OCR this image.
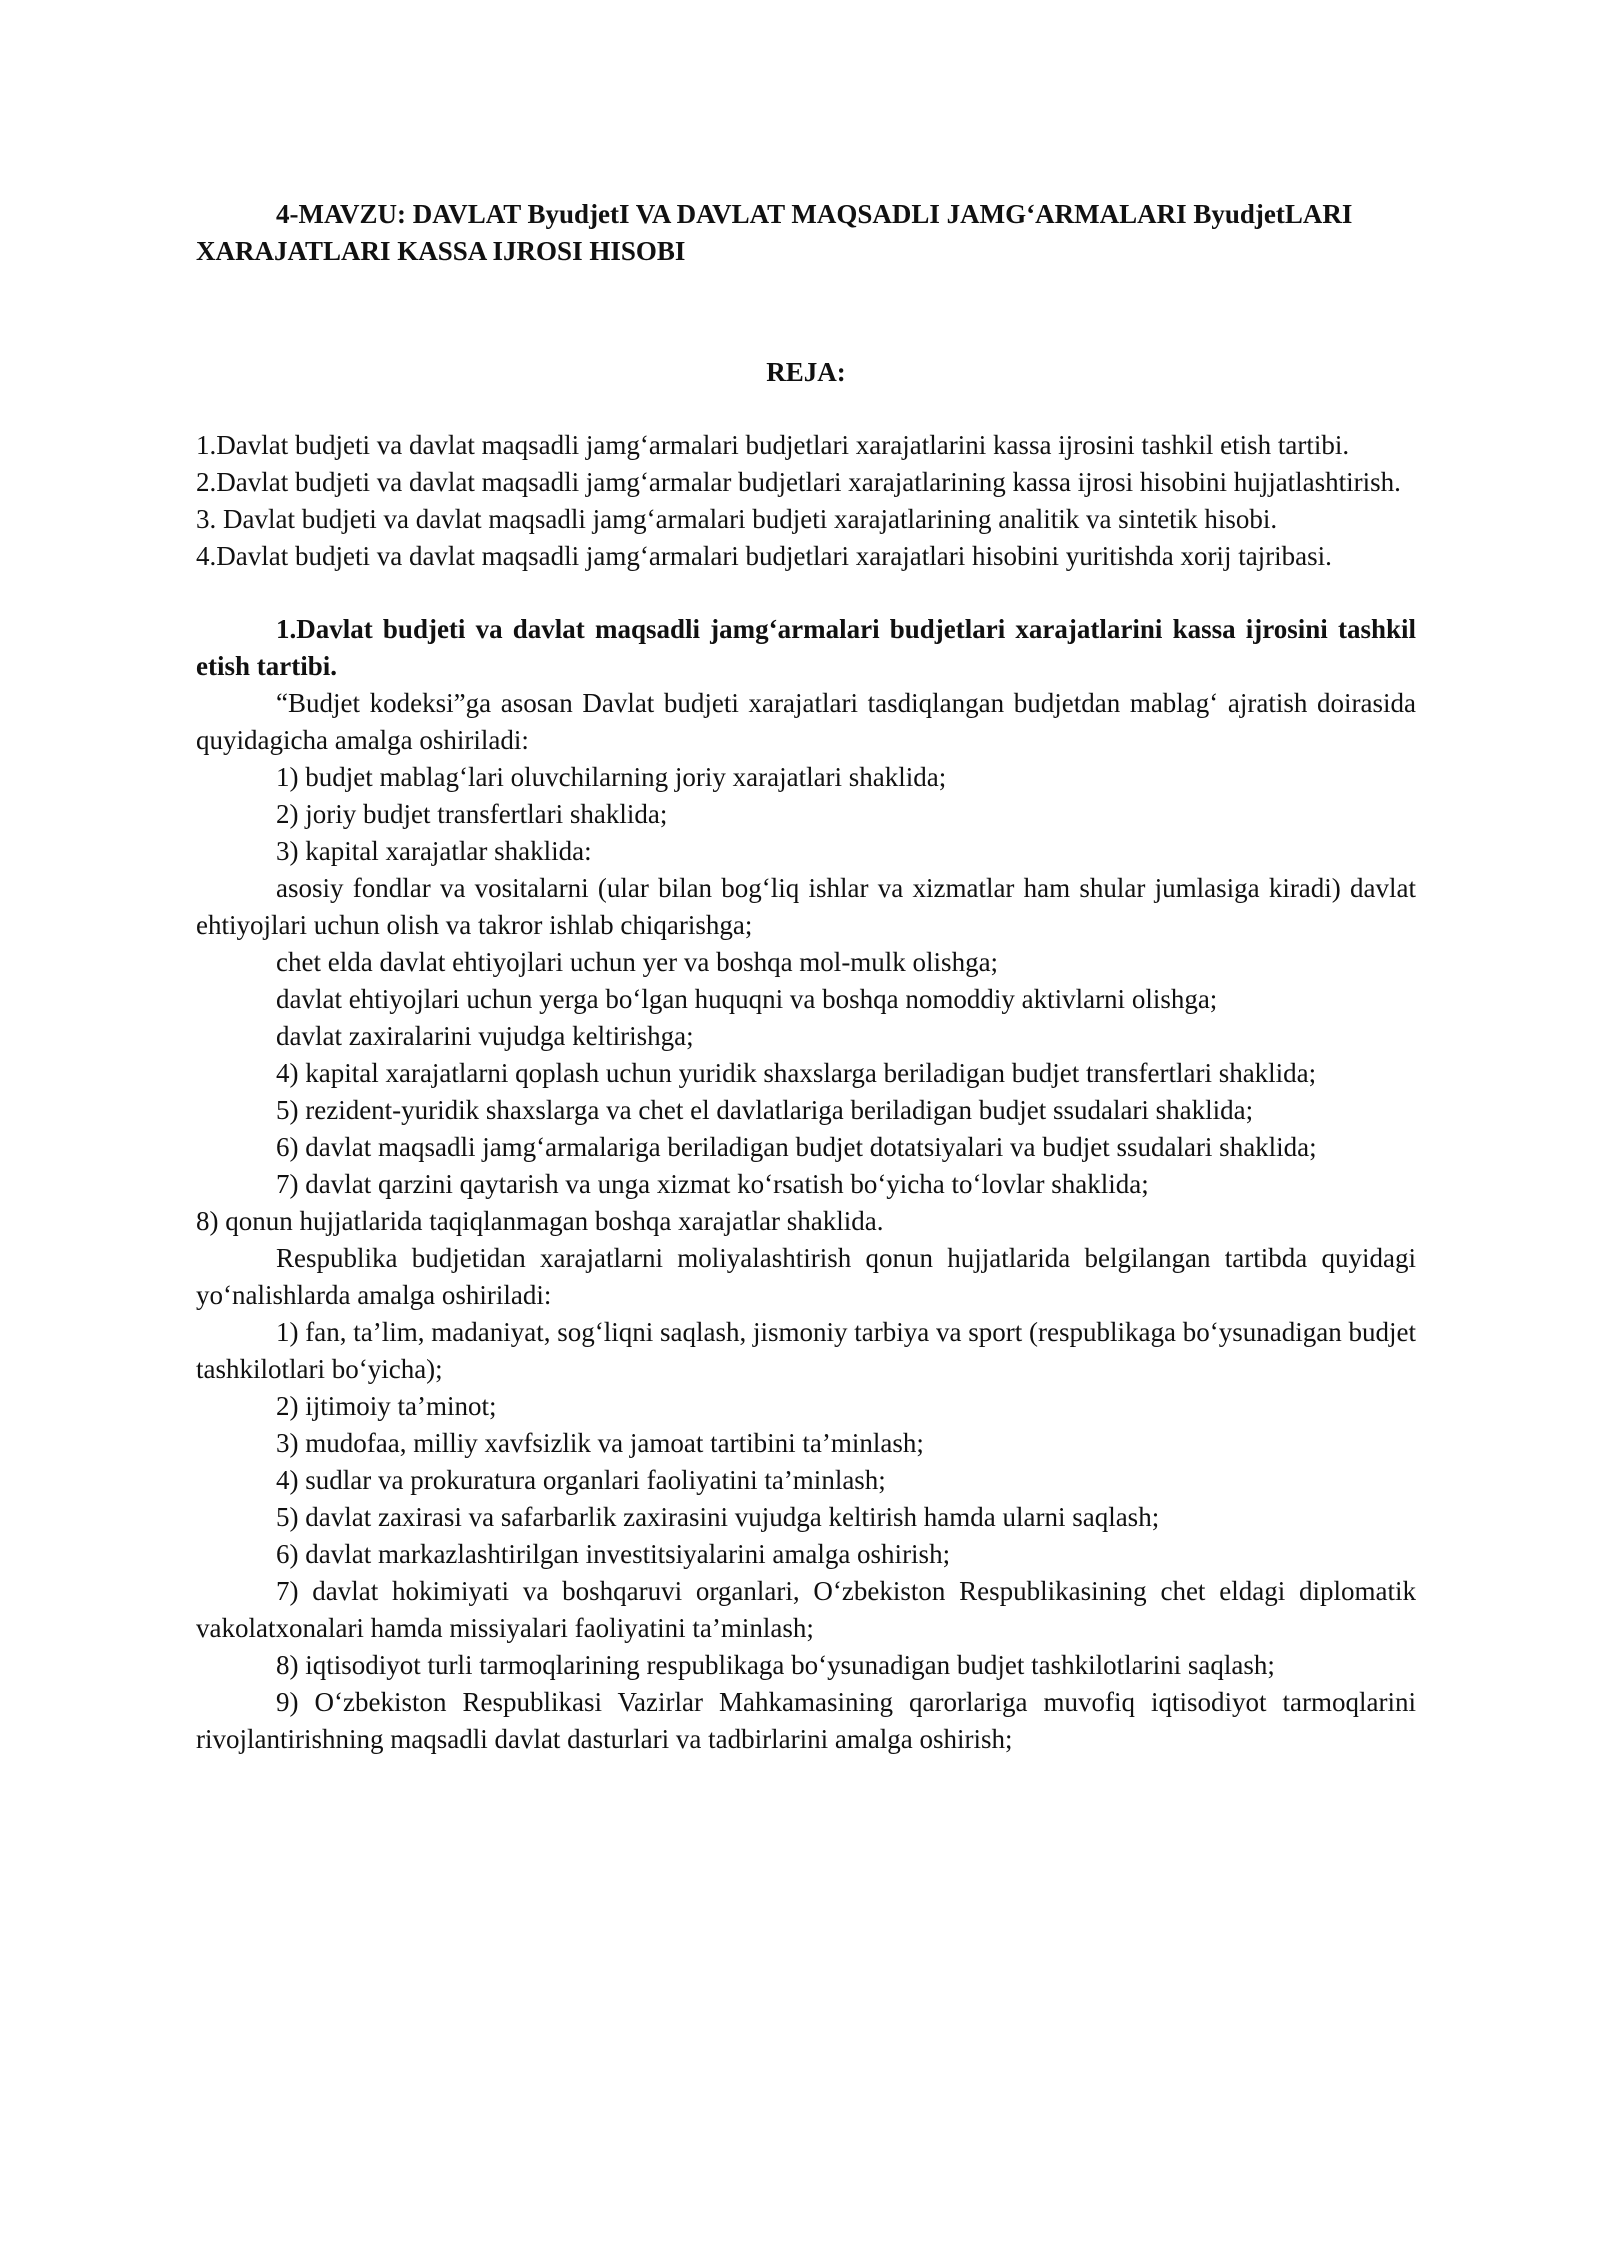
4-MAVZU: DAVLAT ByudjetI VA DAVLAT MAQSADLI JAMG‘ARMALARI ByudjetLARI XARAJATLARI KASSA IJROSI HISOBI

REJA:

1.Davlat budjeti va davlat maqsadli jamg‘armalari budjetlari xarajatlarini kassa ijrosini tashkil etish tartibi.

2.Davlat budjeti va davlat maqsadli jamg‘armalar budjetlari xarajatlarining kassa ijrosi hisobini hujjatlashtirish.

3. Davlat budjeti va davlat maqsadli jamg‘armalari budjeti xarajatlarining analitik va sintetik hisobi.

4.Davlat budjeti va davlat maqsadli jamg‘armalari budjetlari xarajatlari hisobini yuritishda xorij tajribasi.

1.Davlat budjeti va davlat maqsadli jamg‘armalari budjetlari xarajatlarini kassa ijrosini tashkil etish tartibi.

“Budjet kodeksi”ga asosan Davlat budjeti xarajatlari tasdiqlangan budjetdan mablag‘ ajratish doirasida quyidagicha amalga oshiriladi:

1) budjet mablag‘lari oluvchilarning joriy xarajatlari shaklida;

2) joriy budjet transfertlari shaklida;

3) kapital xarajatlar shaklida:

asosiy fondlar va vositalarni (ular bilan bog‘liq ishlar va xizmatlar ham shular jumlasiga kiradi) davlat ehtiyojlari uchun olish va takror ishlab chiqarishga;

chet elda davlat ehtiyojlari uchun yer va boshqa mol-mulk olishga;

davlat ehtiyojlari uchun yerga bo‘lgan huquqni va boshqa nomoddiy aktivlarni olishga;

davlat zaxiralarini vujudga keltirishga;

4) kapital xarajatlarni qoplash uchun yuridik shaxslarga beriladigan budjet transfertlari shaklida;

5) rezident-yuridik shaxslarga va chet el davlatlariga beriladigan budjet ssudalari shaklida;

6) davlat maqsadli jamg‘armalariga beriladigan budjet dotatsiyalari va budjet ssudalari shaklida;

7) davlat qarzini qaytarish va unga xizmat ko‘rsatish bo‘yicha to‘lovlar shaklida;

8) qonun hujjatlarida taqiqlanmagan boshqa xarajatlar shaklida.

Respublika budjetidan xarajatlarni moliyalashtirish qonun hujjatlarida belgilangan tartibda quyidagi yo‘nalishlarda amalga oshiriladi:

1) fan, ta’lim, madaniyat, sog‘liqni saqlash, jismoniy tarbiya va sport (respublikaga bo‘ysunadigan budjet tashkilotlari bo‘yicha);

2) ijtimoiy ta’minot;

3) mudofaa, milliy xavfsizlik va jamoat tartibini ta’minlash;

4) sudlar va prokuratura organlari faoliyatini ta’minlash;

5) davlat zaxirasi va safarbarlik zaxirasini vujudga keltirish hamda ularni saqlash;

6) davlat markazlashtirilgan investitsiyalarini amalga oshirish;

7) davlat hokimiyati va boshqaruvi organlari, O‘zbekiston Respublikasining chet eldagi diplomatik vakolatxonalari hamda missiyalari faoliyatini ta’minlash;

8) iqtisodiyot turli tarmoqlarining respublikaga bo‘ysunadigan budjet tashkilotlarini saqlash;

9) O‘zbekiston Respublikasi Vazirlar Mahkamasining qarorlariga muvofiq iqtisodiyot tarmoqlarini rivojlantirishning maqsadli davlat dasturlari va tadbirlarini amalga oshirish;
